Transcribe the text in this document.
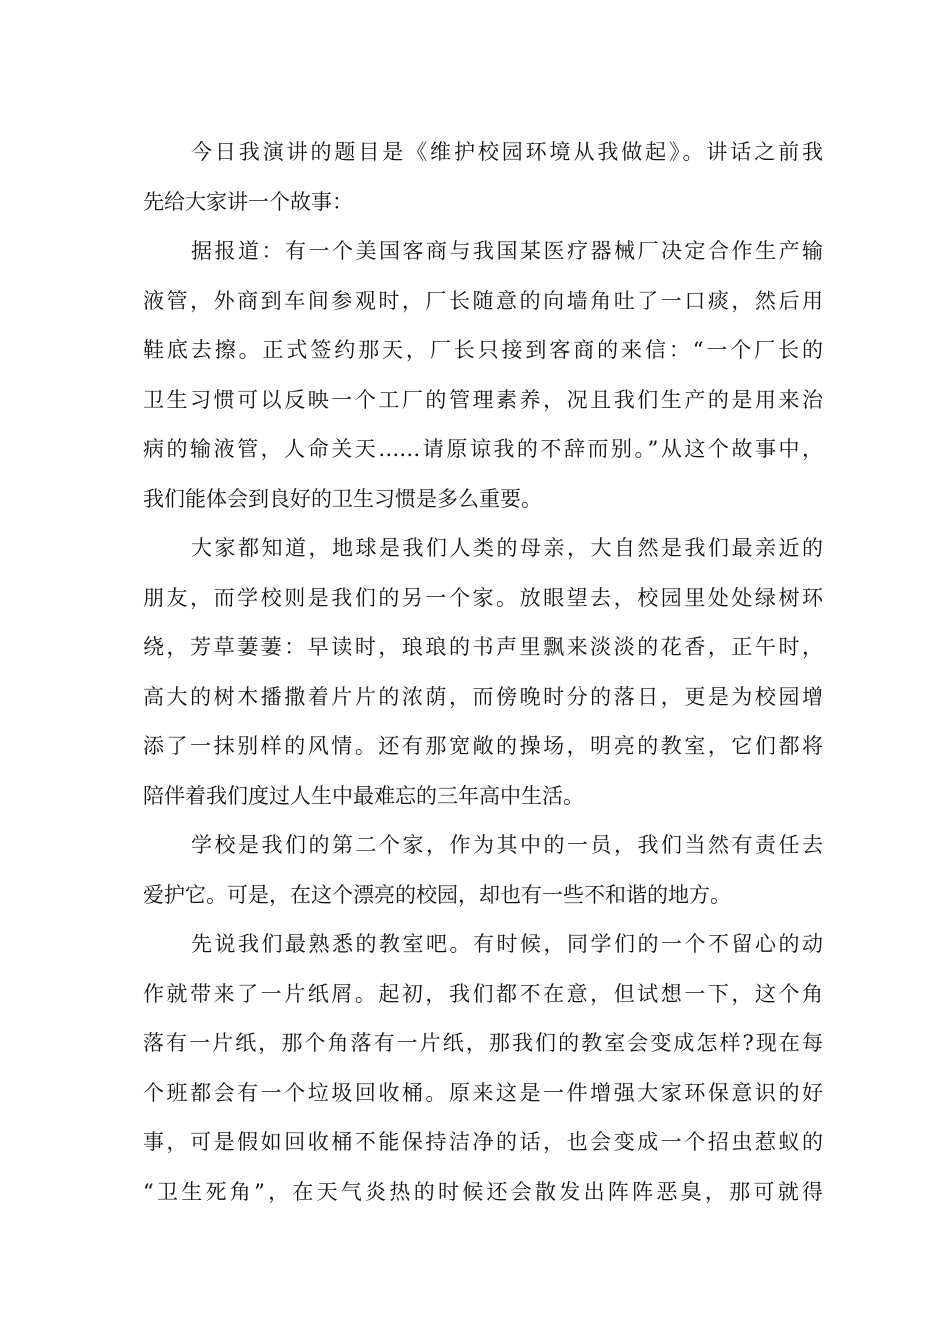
今日我演讲的题目是《维护校园环境从我做起》。讲话之前我
先给大家讲一个故事：
据报道：有一个美国客商与我国某医疗器械厂决定合作生产输
液管，外商到车间参观时，厂长随意的向墙角吐了一口痰，然后用
鞋底去擦。正式签约那天，厂长只接到客商的来信：“一个厂长的
卫生习惯可以反映一个工厂的管理素养，况且我们生产的是用来治
病的输液管，人命关天……请原谅我的不辞而别。”从这个故事中，
我们能体会到良好的卫生习惯是多么重要。
大家都知道，地球是我们人类的母亲，大自然是我们最亲近的
朋友，而学校则是我们的另一个家。放眼望去，校园里处处绿树环
绕，芳草萋萋：早读时，琅琅的书声里飘来淡淡的花香，正午时，
高大的树木播撒着片片的浓荫，而傍晚时分的落日，更是为校园增
添了一抹别样的风情。还有那宽敞的操场，明亮的教室，它们都将
陪伴着我们度过人生中最难忘的三年高中生活。
学校是我们的第二个家，作为其中的一员，我们当然有责任去
爱护它。可是，在这个漂亮的校园，却也有一些不和谐的地方。
先说我们最熟悉的教室吧。有时候，同学们的一个不留心的动
作就带来了一片纸屑。起初，我们都不在意，但试想一下，这个角
落有一片纸，那个角落有一片纸，那我们的教室会变成怎样?现在每
个班都会有一个垃圾回收桶。原来这是一件增强大家环保意识的好
事，可是假如回收桶不能保持洁净的话，也会变成一个招虫惹蚁的
“卫生死角”，在天气炎热的时候还会散发出阵阵恶臭，那可就得
